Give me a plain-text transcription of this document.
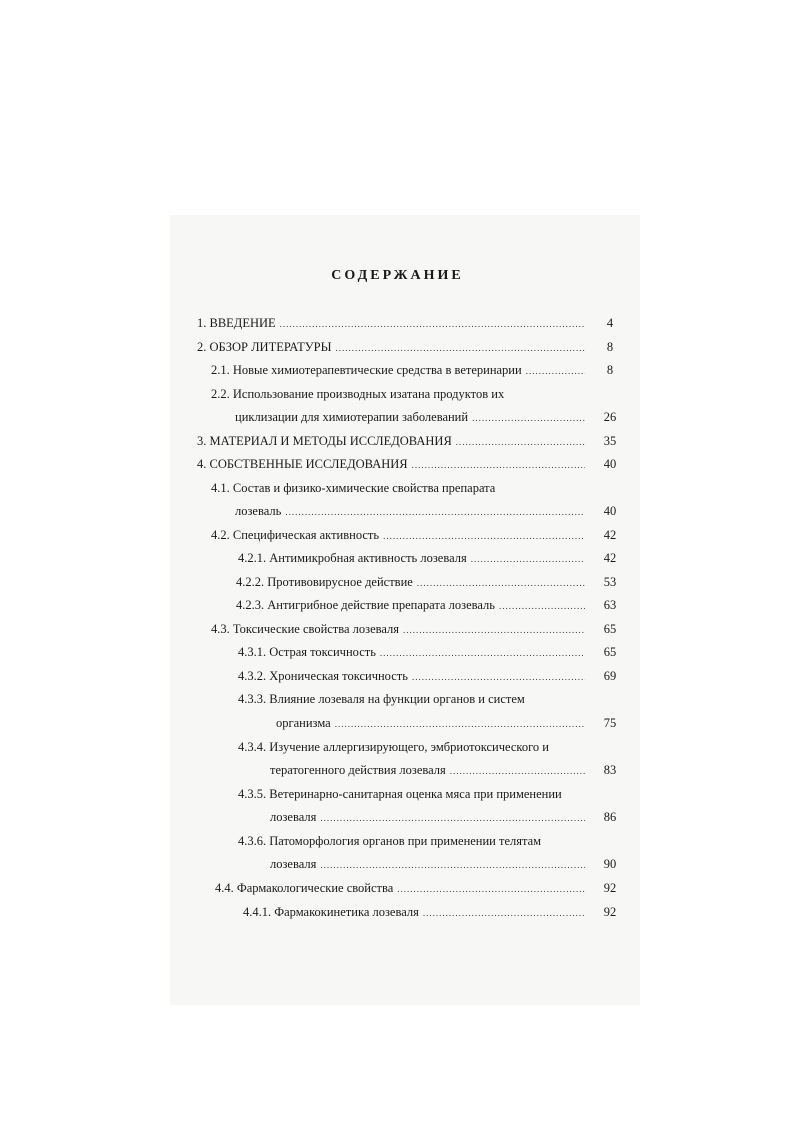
СОДЕРЖАНИЕ
1. ВВЕДЕНИЕ .....	4
2. ОБЗОР ЛИТЕРАТУРЫ .....	8
2.1. Новые химиотерапевтические средства в ветеринарии .....	8
2.2. Использование производных изатана продуктов их
циклизации для химиотерапии заболеваний .....	26
3. МАТЕРИАЛ И МЕТОДЫ ИССЛЕДОВАНИЯ .....	35
4. СОБСТВЕННЫЕ ИССЛЕДОВАНИЯ .....	40
4.1. Состав и физико-химические свойства препарата
лозеваль .....	40
4.2. Специфическая активность .....	42
4.2.1. Антимикробная активность лозеваля .....	42
4.2.2. Противовирусное действие .....	53
4.2.3. Антигрибное действие препарата лозеваль .....	63
4.3. Токсические свойства лозеваля .....	65
4.3.1. Острая токсичность .....	65
4.3.2. Хроническая токсичность .....	69
4.3.3. Влияние лозеваля на функции органов и систем
организма .....	75
4.3.4. Изучение аллергизирующего, эмбриотоксического и
тератогенного действия лозеваля .....	83
4.3.5. Ветеринарно-санитарная оценка мяса при применении
лозеваля .....	86
4.3.6. Патоморфология органов при применении телятам
лозеваля .....	90
4.4. Фармакологические свойства .....	92
4.4.1. Фармакокинетика лозеваля .....	92
